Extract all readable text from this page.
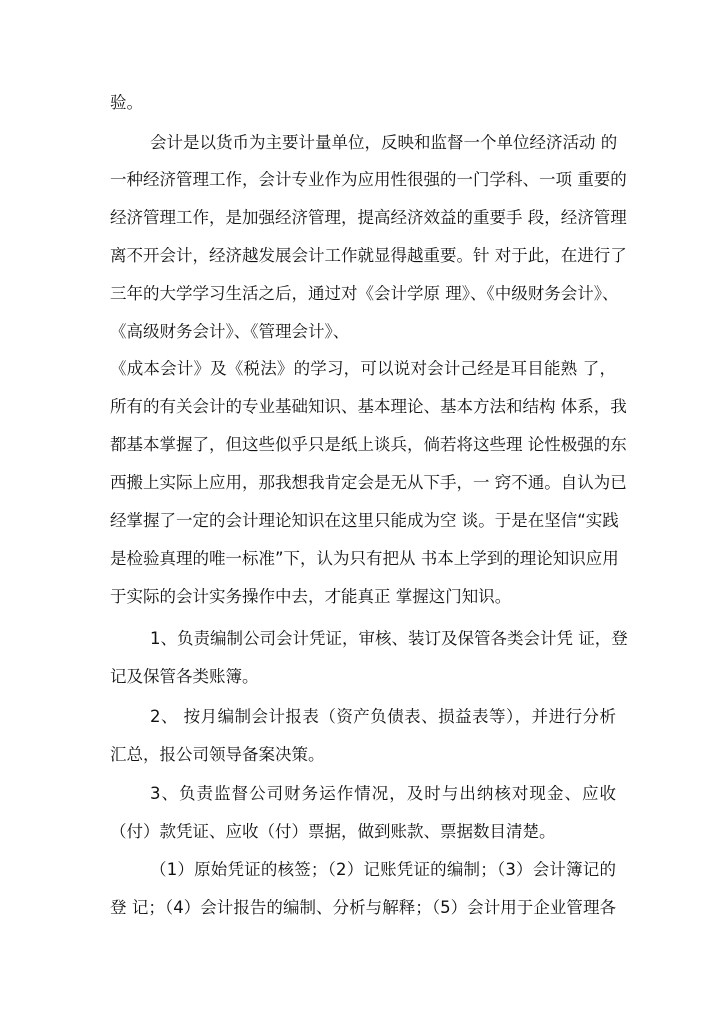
验。
会计是以货币为主要计量单位，反映和监督一个单位经济活动 的
一种经济管理工作，会计专业作为应用性很强的一门学科、一项 重要的
经济管理工作，是加强经济管理，提高经济效益的重要手 段，经济管理
离不开会计，经济越发展会计工作就显得越重要。针 对于此，在进行了
三年的大学学习生活之后，通过对《会计学原 理》、《中级财务会计》、
《高级财务会计》、《管理会计》、
《成本会计》及《税法》的学习，可以说对会计己经是耳目能熟 了，
所有的有关会计的专业基础知识、基本理论、基本方法和结构 体系，我
都基本掌握了，但这些似乎只是纸上谈兵，倘若将这些理 论性极强的东
西搬上实际上应用，那我想我肯定会是无从下手，一 窍不通。自认为已
经掌握了一定的会计理论知识在这里只能成为空 谈。于是在坚信“实践
是检验真理的唯一标准”下，认为只有把从 书本上学到的理论知识应用
于实际的会计实务操作中去，才能真正 掌握这门知识。
1、负责编制公司会计凭证，审核、装订及保管各类会计凭 证，登
记及保管各类账簿。
2、 按月编制会计报表（资产负债表、损益表等），并进行分析
汇总，报公司领导备案决策。
3、负责监督公司财务运作情况，及时与出纳核对现金、应收
（付）款凭证、应收（付）票据，做到账款、票据数目清楚。
（1）原始凭证的核签；（2）记账凭证的编制；（3）会计簿记的
登 记；（4）会计报告的编制、分析与解释；（5）会计用于企业管理各
